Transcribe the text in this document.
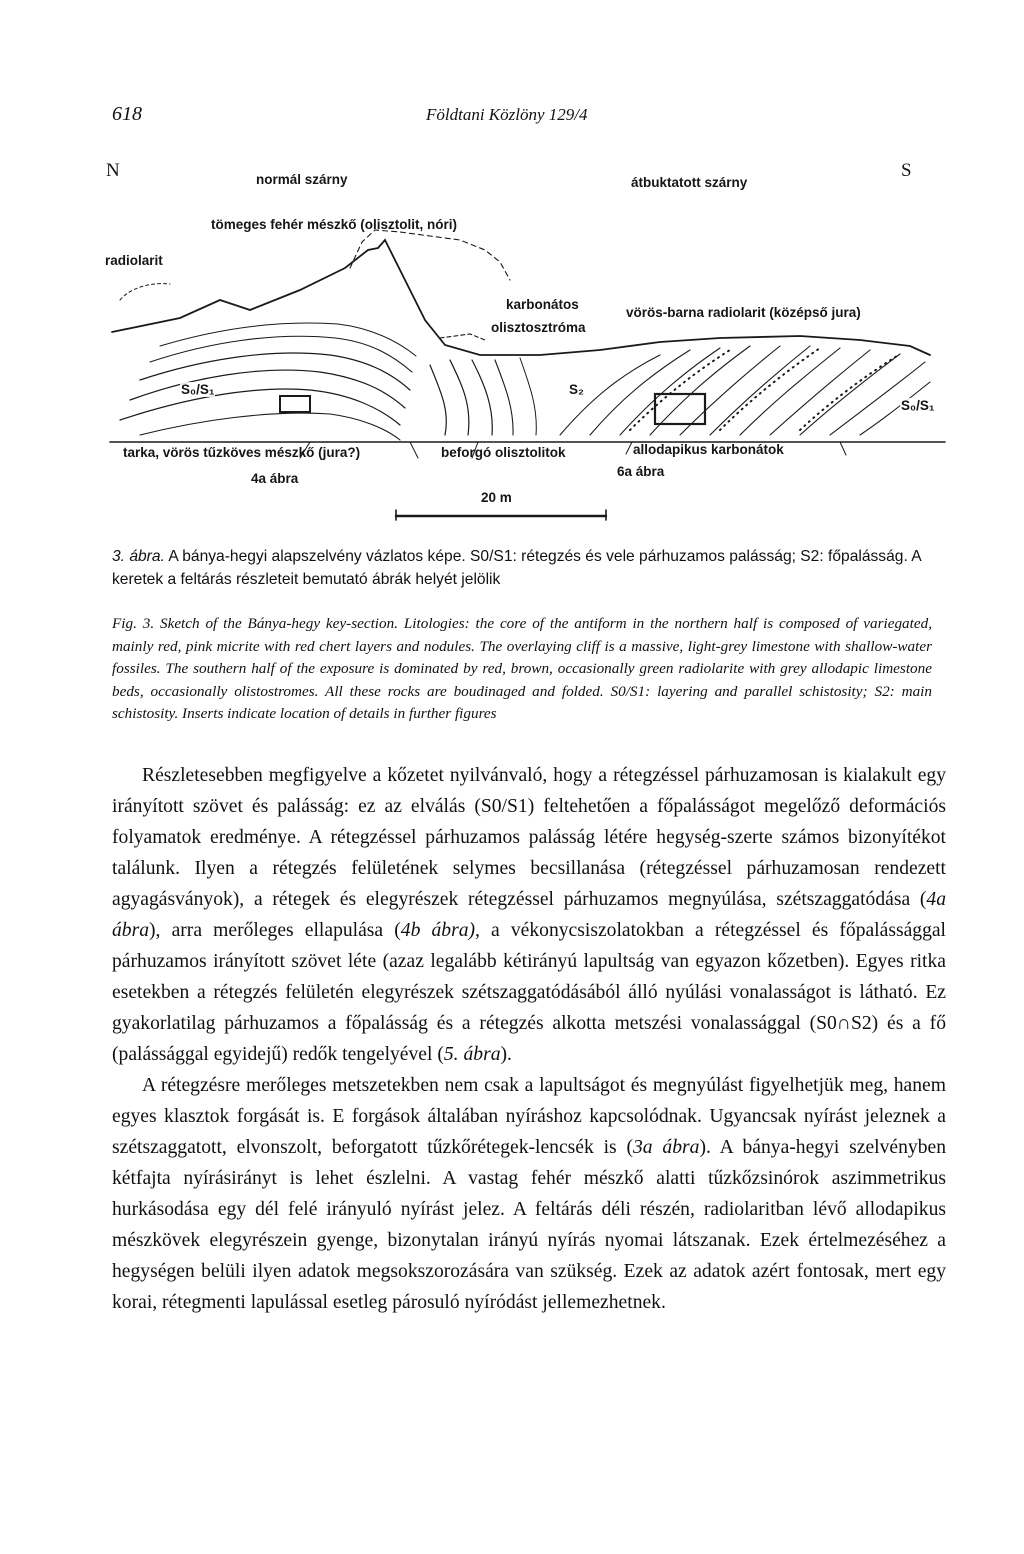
618	Földtani Közlöny 129/4
N	normál szárny	átbuktatott szárny
S
tömeges fehér mészkő (olisztolit, nóri)
radiolarit
karbonátos
olisztosztróma
vörös-barna radiolarit (középső jura)
S₀/S₁	S₂
S₀/S₁
tarka, vörös tűzköves mészkő (jura?)	beforgó olisztolitok	allodapikus karbonátok
4a ábra	6a ábra
20 m
3. ábra. A bánya-hegyi alapszelvény vázlatos képe. S0/S1: rétegzés és vele párhuzamos palásság; S2: főpalásság. A keretek a feltárás részleteit bemutató ábrák helyét jelölik
Fig. 3. Sketch of the Bánya-hegy key-section. Litologies: the core of the antiform in the northern half is composed of variegated, mainly red, pink micrite with red chert layers and nodules. The overlaying cliff is a massive, light-grey limestone with shallow-water fossiles. The southern half of the exposure is dominated by red, brown, occasionally green radiolarite with grey allodapic limestone beds, occasionally olistostromes. All these rocks are boudinaged and folded. S0/S1: layering and parallel schistosity; S2: main schistosity. Inserts indicate location of details in further figures

Részletesebben megfigyelve a kőzetet nyilvánvaló, hogy a rétegzéssel párhuzamosan is kialakult egy irányított szövet és palásság: ez az elválás (S0/S1) feltehetően a főpalásságot megelőző deformációs folyamatok eredménye. A rétegzéssel párhuzamos palásság létére hegység-szerte számos bizonyítékot találunk. Ilyen a rétegzés felületének selymes becsillanása (rétegzéssel párhuzamosan rendezett agyagásványok), a rétegek és elegyrészek rétegzéssel párhuzamos megnyúlása, szétszaggatódása (4a ábra), arra merőleges ellapulása (4b ábra), a vékonycsiszolatokban a rétegzéssel és főpalássággal párhuzamos irányított szövet léte (azaz legalább kétirányú lapultság van egyazon kőzetben). Egyes ritka esetekben a rétegzés felületén elegyrészek szétszaggatódásából álló nyúlási vonalasságot is látható. Ez gyakorlatilag párhuzamos a főpalásság és a rétegzés alkotta metszési vonalassággal (S0∩S2) és a fő (palássággal egyidejű) redők tengelyével (5. ábra).

A rétegzésre merőleges metszetekben nem csak a lapultságot és megnyúlást figyelhetjük meg, hanem egyes klasztok forgását is. E forgások általában nyíráshoz kapcsolódnak. Ugyancsak nyírást jeleznek a szétszaggatott, elvonszolt, beforgatott tűzkőrétegek-lencsék is (3a ábra). A bánya-hegyi szelvényben kétfajta nyírásirányt is lehet észlelni. A vastag fehér mészkő alatti tűzkőzsinórok aszimmetrikus hurkásodása egy dél felé irányuló nyírást jelez. A feltárás déli részén, radiolaritban lévő allodapikus mészkövek elegyrészein gyenge, bizonytalan irányú nyírás nyomai látszanak. Ezek értelmezéséhez a hegységen belüli ilyen adatok megsokszorozására van szükség. Ezek az adatok azért fontosak, mert egy korai, rétegmenti lapulással esetleg párosuló nyíródást jellemezhetnek.
